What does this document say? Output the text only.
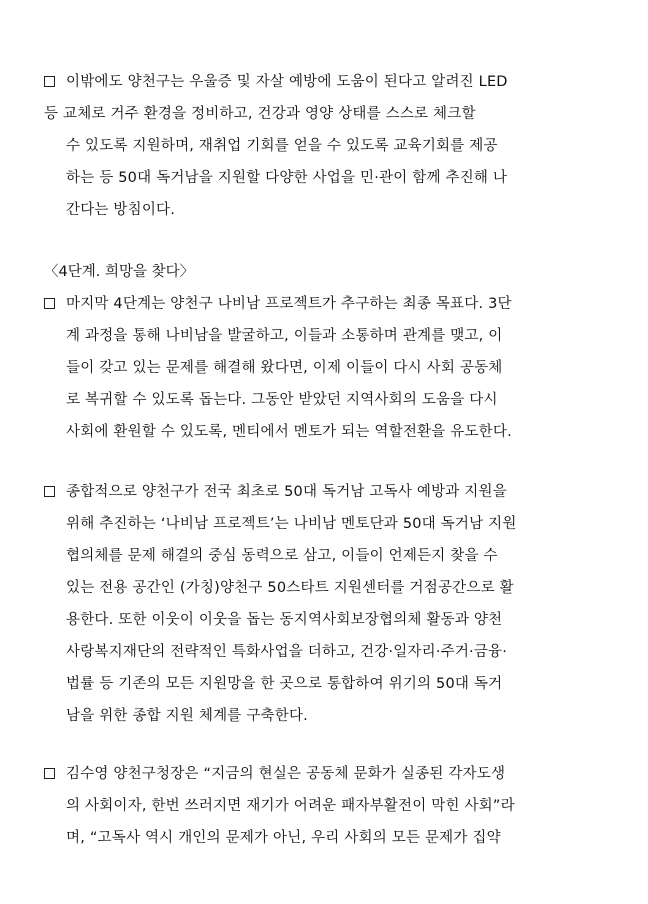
이밖에도 양천구는 우울증 및 자살 예방에 도움이 된다고 알려진 LED
등 교체로 거주 환경을 정비하고, 건강과 영양 상태를 스스로 체크할
수 있도록 지원하며, 재취업 기회를 얻을 수 있도록 교육기회를 제공
하는 등 50대 독거남을 지원할 다양한 사업을 민·관이 함께 추진해 나
간다는 방침이다.
〈4단계. 희망을 찾다〉
마지막 4단계는 양천구 나비남 프로젝트가 추구하는 최종 목표다. 3단
계 과정을 통해 나비남을 발굴하고, 이들과 소통하며 관계를 맺고, 이
들이 갖고 있는 문제를 해결해 왔다면, 이제 이들이 다시 사회 공동체
로 복귀할 수 있도록 돕는다. 그동안 받았던 지역사회의 도움을 다시
사회에 환원할 수 있도록, 멘티에서 멘토가 되는 역할전환을 유도한다.
종합적으로 양천구가 전국 최초로 50대 독거남 고독사 예방과 지원을
위해 추진하는 ‘나비남 프로젝트’는 나비남 멘토단과 50대 독거남 지원
협의체를 문제 해결의 중심 동력으로 삼고, 이들이 언제든지 찾을 수
있는 전용 공간인 (가칭)양천구 50스타트 지원센터를 거점공간으로 활
용한다. 또한 이웃이 이웃을 돕는 동지역사회보장협의체 활동과 양천
사랑복지재단의 전략적인 특화사업을 더하고, 건강·일자리·주거·금융·
법률 등 기존의 모든 지원망을 한 곳으로 통합하여 위기의 50대 독거
남을 위한 종합 지원 체계를 구축한다.
김수영 양천구청장은 “지금의 현실은 공동체 문화가 실종된 각자도생
의 사회이자, 한번 쓰러지면 재기가 어려운 패자부활전이 막힌 사회”라
며, “고독사 역시 개인의 문제가 아닌, 우리 사회의 모든 문제가 집약
